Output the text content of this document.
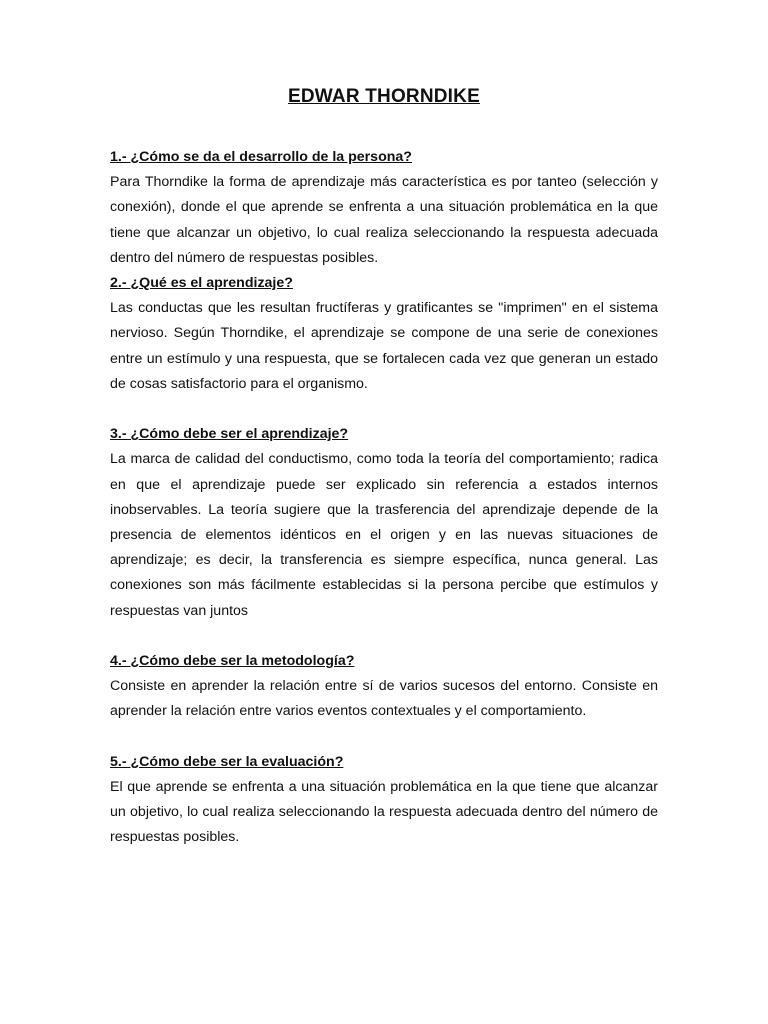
EDWAR THORNDIKE

1.- ¿Cómo se da el desarrollo de la persona?

Para Thorndike la forma de aprendizaje más característica es por tanteo (selección y conexión), donde el que aprende se enfrenta a una situación problemática en la que tiene que alcanzar un objetivo, lo cual realiza seleccionando la respuesta adecuada dentro del número de respuestas posibles.

2.- ¿Qué es el aprendizaje?

Las conductas que les resultan fructíferas y gratificantes se "imprimen" en el sistema nervioso. Según Thorndike, el aprendizaje se compone de una serie de conexiones entre un estímulo y una respuesta, que se fortalecen cada vez que generan un estado de cosas satisfactorio para el organismo.

3.- ¿Cómo debe ser el aprendizaje?

La marca de calidad del conductismo, como toda la teoría del comportamiento; radica en que el aprendizaje puede ser explicado sin referencia a estados internos inobservables. La teoría sugiere que la trasferencia del aprendizaje depende de la presencia de elementos idénticos en el origen y en las nuevas situaciones de aprendizaje; es decir, la transferencia es siempre específica, nunca general. Las conexiones son más fácilmente establecidas si la persona percibe que estímulos y respuestas van juntos

4.- ¿Cómo debe ser la metodología?

Consiste en aprender la relación entre sí de varios sucesos del entorno. Consiste en aprender la relación entre varios eventos contextuales y el comportamiento.

5.- ¿Cómo debe ser la evaluación?

El que aprende se enfrenta a una situación problemática en la que tiene que alcanzar un objetivo, lo cual realiza seleccionando la respuesta adecuada dentro del número de respuestas posibles.
